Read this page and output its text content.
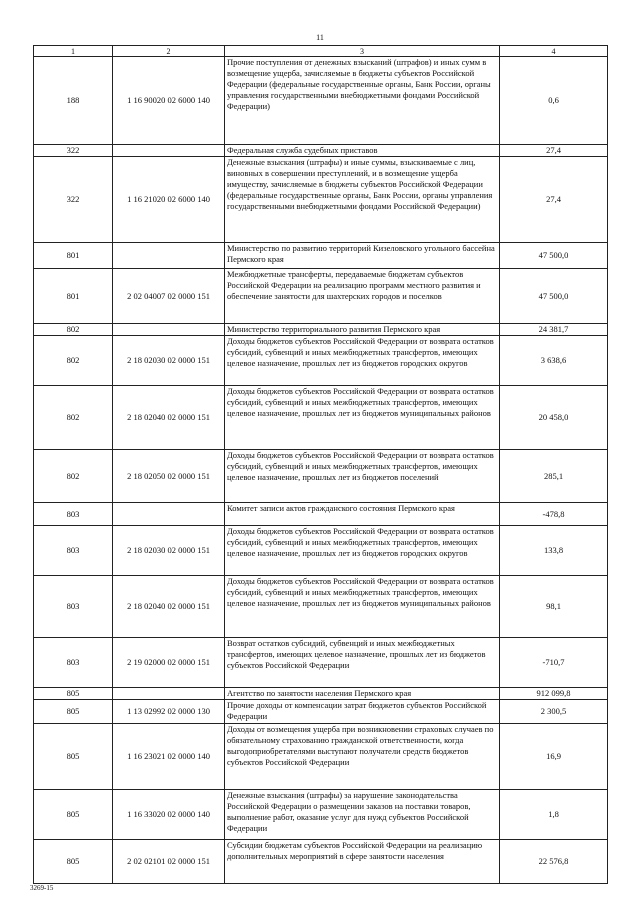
11
1	2	3	4
188	1 16 90020 02 6000 140	Прочие поступления от денежных взысканий (штрафов) и иных сумм в возмещение ущерба, зачисляемые в бюджеты субъектов Российской Федерации (федеральные государственные органы, Банк России, органы управления государственными внебюджетными фондами Российской Федерации)	0,6
322		Федеральная служба судебных приставов	27,4
322	1 16 21020 02 6000 140	Денежные взыскания (штрафы) и иные суммы, взыскиваемые с лиц, виновных в совершении преступлений, и в возмещение ущерба имуществу, зачисляемые в бюджеты субъектов Российской Федерации (федеральные государственные органы, Банк России, органы управления государственными внебюджетными фондами Российской Федерации)	27,4
801		Министерство по развитию территорий Кизеловского угольного бассейна Пермского края	47 500,0
801	2 02 04007 02 0000 151	Межбюджетные трансферты, передаваемые бюджетам субъектов Российской Федерации на реализацию программ местного развития и обеспечение занятости для шахтерских городов и поселков	47 500,0
802		Министерство территориального развития Пермского края	24 381,7
802	2 18 02030 02 0000 151	Доходы бюджетов субъектов Российской Федерации от возврата остатков субсидий, субвенций и иных межбюджетных трансфертов, имеющих целевое назначение, прошлых лет из бюджетов городских округов	3 638,6
802	2 18 02040 02 0000 151	Доходы бюджетов субъектов Российской Федерации от возврата остатков субсидий, субвенций и иных межбюджетных трансфертов, имеющих целевое назначение, прошлых лет из бюджетов муниципальных районов	20 458,0
802	2 18 02050 02 0000 151	Доходы бюджетов субъектов Российской Федерации от возврата остатков субсидий, субвенций и иных межбюджетных трансфертов, имеющих целевое назначение, прошлых лет из бюджетов поселений	285,1
803		Комитет записи актов гражданского состояния Пермского края	-478,8
803	2 18 02030 02 0000 151	Доходы бюджетов субъектов Российской Федерации от возврата остатков субсидий, субвенций и иных межбюджетных трансфертов, имеющих целевое назначение, прошлых лет из бюджетов городских округов	133,8
803	2 18 02040 02 0000 151	Доходы бюджетов субъектов Российской Федерации от возврата остатков субсидий, субвенций и иных межбюджетных трансфертов, имеющих целевое назначение, прошлых лет из бюджетов муниципальных районов	98,1
803	2 19 02000 02 0000 151	Возврат остатков субсидий, субвенций и иных межбюджетных трансфертов, имеющих целевое назначение, прошлых лет из бюджетов субъектов Российской Федерации	-710,7
805		Агентство по занятости населения Пермского края	912 099,8
805	1 13 02992 02 0000 130	Прочие доходы от компенсации затрат бюджетов субъектов Российской Федерации	2 300,5
805	1 16 23021 02 0000 140	Доходы от возмещения ущерба при возникновении страховых случаев по обязательному страхованию гражданской ответственности, когда выгодоприобретателями выступают получатели средств бюджетов субъектов Российской Федерации	16,9
805	1 16 33020 02 0000 140	Денежные взыскания (штрафы) за нарушение законодательства Российской Федерации о размещении заказов на поставки товаров, выполнение работ, оказание услуг для нужд субъектов Российской Федерации	1,8
805	2 02 02101 02 0000 151	Субсидии бюджетам субъектов Российской Федерации на реализацию дополнительных мероприятий в сфере занятости населения	22 576,8
3269-15
